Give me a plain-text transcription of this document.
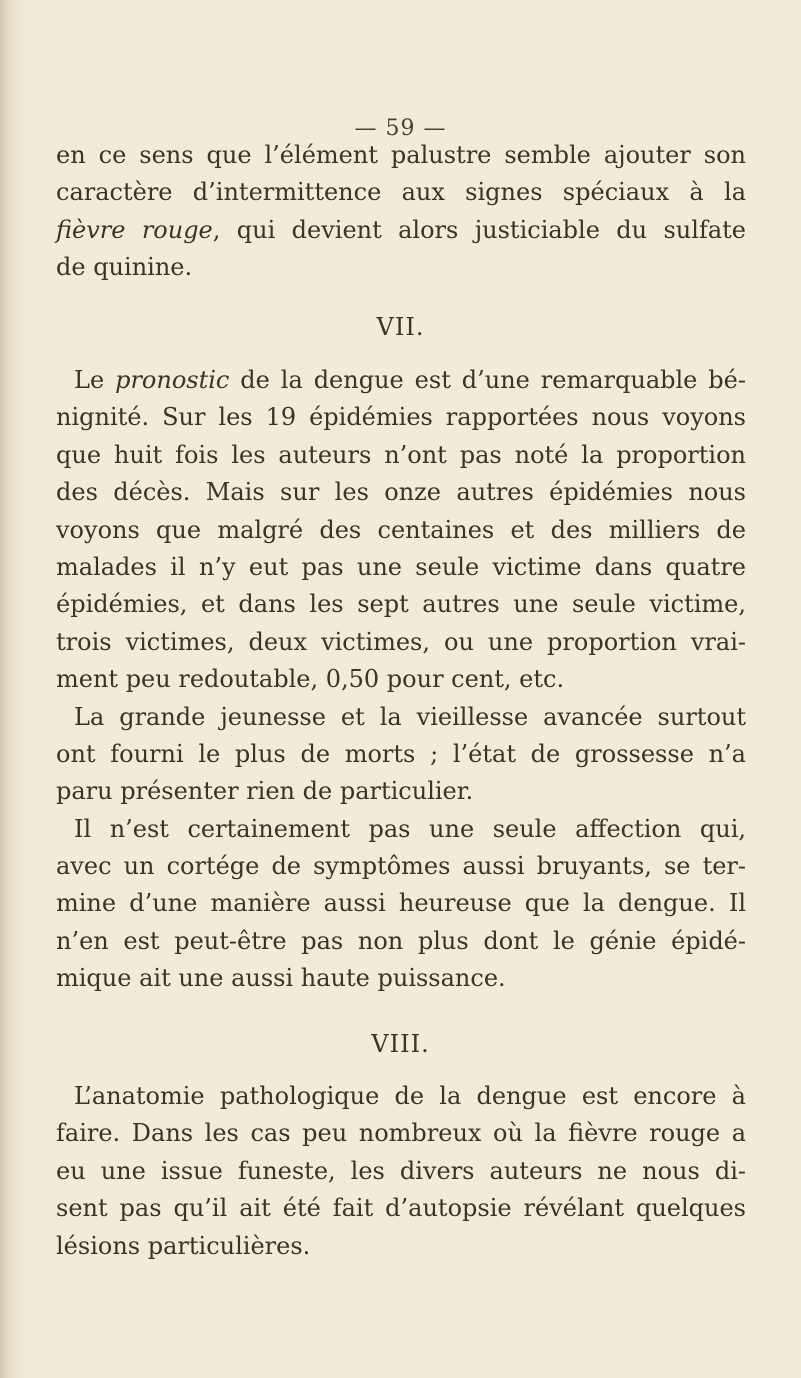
— 59 —
en ce sens que l’élément palustre semble ajouter son
caractère d’intermittence aux signes spéciaux à la
fièvre rouge, qui devient alors justiciable du sulfate
de quinine.
VII.
Le pronostic de la dengue est d’une remarquable bé-
nignité. Sur les 19 épidémies rapportées nous voyons
que huit fois les auteurs n’ont pas noté la proportion
des décès. Mais sur les onze autres épidémies nous
voyons que malgré des centaines et des milliers de
malades il n’y eut pas une seule victime dans quatre
épidémies, et dans les sept autres une seule victime,
trois victimes, deux victimes, ou une proportion vrai-
ment peu redoutable, 0,50 pour cent, etc.
La grande jeunesse et la vieillesse avancée surtout
ont fourni le plus de morts ; l’état de grossesse n’a
paru présenter rien de particulier.
Il n’est certainement pas une seule affection qui,
avec un cortége de symptômes aussi bruyants, se ter-
mine d’une manière aussi heureuse que la dengue. Il
n’en est peut-être pas non plus dont le génie épidé-
mique ait une aussi haute puissance.
VIII.
L’anatomie pathologique de la dengue est encore à
faire. Dans les cas peu nombreux où la fièvre rouge a
eu une issue funeste, les divers auteurs ne nous di-
sent pas qu’il ait été fait d’autopsie révélant quelques
lésions particulières.
